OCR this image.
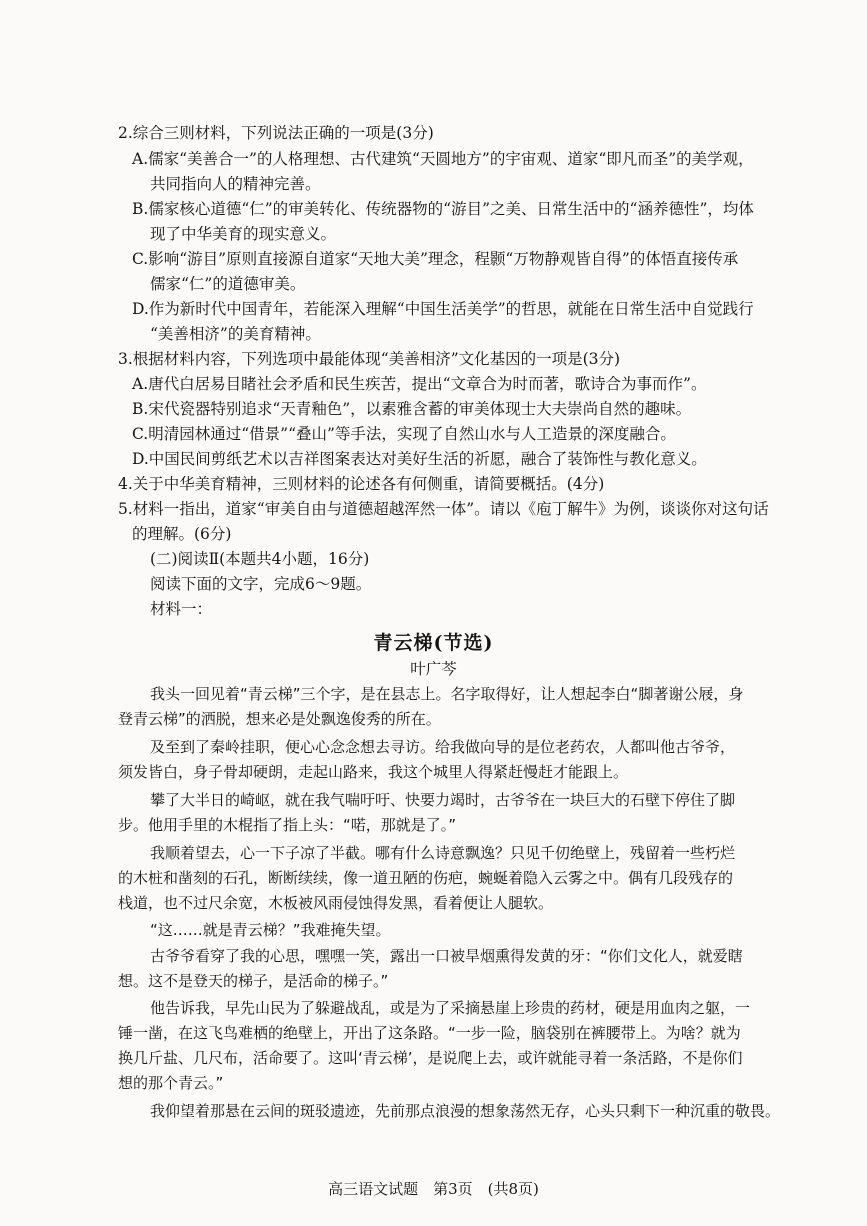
2.综合三则材料，下列说法正确的一项是(3分)
A.儒家“美善合一”的人格理想、古代建筑“天圆地方”的宇宙观、道家“即凡而圣”的美学观，
共同指向人的精神完善。
B.儒家核心道德“仁”的审美转化、传统器物的“游目”之美、日常生活中的“涵养德性”，均体
现了中华美育的现实意义。
C.影响“游目”原则直接源自道家“天地大美”理念，程颢“万物静观皆自得”的体悟直接传承
儒家“仁”的道德审美。
D.作为新时代中国青年，若能深入理解“中国生活美学”的哲思，就能在日常生活中自觉践行
“美善相济”的美育精神。
3.根据材料内容，下列选项中最能体现“美善相济”文化基因的一项是(3分)
A.唐代白居易目睹社会矛盾和民生疾苦，提出“文章合为时而著，歌诗合为事而作”。
B.宋代瓷器特别追求“天青釉色”，以素雅含蓄的审美体现士大夫崇尚自然的趣味。
C.明清园林通过“借景”“叠山”等手法，实现了自然山水与人工造景的深度融合。
D.中国民间剪纸艺术以吉祥图案表达对美好生活的祈愿，融合了装饰性与教化意义。
4.关于中华美育精神，三则材料的论述各有何侧重，请简要概括。(4分)
5.材料一指出，道家“审美自由与道德超越浑然一体”。请以《庖丁解牛》为例，谈谈你对这句话
的理解。(6分)
(二)阅读Ⅱ(本题共4小题，16分)
阅读下面的文字，完成6～9题。
材料一：
青云梯(节选)
叶广芩
我头一回见着“青云梯”三个字，是在县志上。名字取得好，让人想起李白“脚著谢公屐，身
登青云梯”的洒脱，想来必是处飘逸俊秀的所在。
及至到了秦岭挂职，便心心念念想去寻访。给我做向导的是位老药农，人都叫他古爷爷，
须发皆白，身子骨却硬朗，走起山路来，我这个城里人得紧赶慢赶才能跟上。
攀了大半日的崎岖，就在我气喘吁吁、快要力竭时，古爷爷在一块巨大的石壁下停住了脚
步。他用手里的木棍指了指上头：“喏，那就是了。”
我顺着望去，心一下子凉了半截。哪有什么诗意飘逸？只见千仞绝壁上，残留着一些朽烂
的木桩和凿刻的石孔，断断续续，像一道丑陋的伤疤，蜿蜒着隐入云雾之中。偶有几段残存的
栈道，也不过尺余宽，木板被风雨侵蚀得发黑，看着便让人腿软。
“这……就是青云梯？”我难掩失望。
古爷爷看穿了我的心思，嘿嘿一笑，露出一口被旱烟熏得发黄的牙：“你们文化人，就爱瞎
想。这不是登天的梯子，是活命的梯子。”
他告诉我，早先山民为了躲避战乱，或是为了采摘悬崖上珍贵的药材，硬是用血肉之躯，一
锤一凿，在这飞鸟难栖的绝壁上，开出了这条路。“一步一险，脑袋别在裤腰带上。为啥？就为
换几斤盐、几尺布，活命要了。这叫‘青云梯’，是说爬上去，或许就能寻着一条活路，不是你们
想的那个青云。”
我仰望着那悬在云间的斑驳遗迹，先前那点浪漫的想象荡然无存，心头只剩下一种沉重的敬畏。
高三语文试题　第3页　(共8页)
